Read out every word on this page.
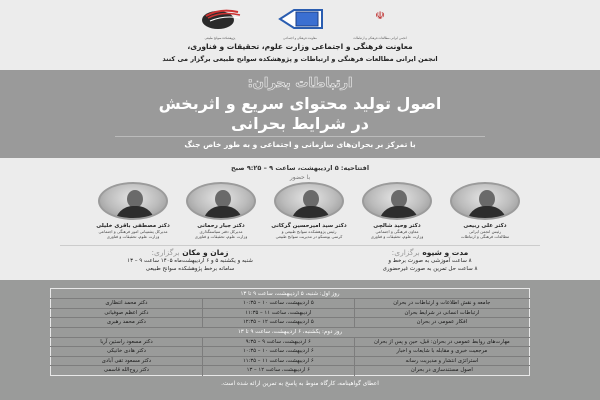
پژوهشکده سوانح طبیعی	معاونت فرهنگی و اجتماعی
☫
انجمن ایرانی مطالعات فرهنگی و ارتباطات
معاونت فرهنگی و اجتماعی وزارت علوم، تحقیقات و فناوری،
انجمن ایرانی مطالعات فرهنگی و ارتباطات و پژوهشکده سوانح طبیعی برگزار می کنند
ارتباطات بحران:
اصول تولید محتوای سریع و اثربخش
در شرایط بحرانی
با تمرکز بر بحران‌های سازمانی و اجتماعی و به طور خاص جنگ
افتتاحیه: ۵ اردیبهشت، ساعت ۹ – ۹:۲۵ صبح
با حضور
دکتر علی ربیعی
رئیس انجمن ایرانی
مطالعات فرهنگی و ارتباطات
دکتر وحید شالچی
معاون فرهنگی و اجتماعی
وزارت علوم، تحقیقات و فناوری
دکتر سید امیرحسین گرکانی
رئیس پژوهشکده سوانح طبیعی و
کرسی یونسکو در مدیریت سوانح طبیعی
دکتر جبار رحمانی
مدیرکل دفتر سیاستگذاری
وزارت علوم، تحقیقات و فناوری
دکتر مصطفی باقری خلیلی
مدیرکل پشتیبانی امور فرهنگی و اجتماعی
وزارت علوم، تحقیقات و فناوری
مدت و شیوه برگزاری:
۸ ساعت آموزشی به صورت برخط و
۸ ساعت حل تمرین به صورت غیرحضوری
زمان و مکان برگزاری:
شنبه و یکشنبه ۵ و ۶ اردیبهشت‌ماه ۱۴۰۵ ساعت ۹ – ۱۳
سامانه برخط پژوهشکده سوانح طبیعی
روز اول: شنبه، ۵ اردیبهشت، ساعت ۹ تا ۱۳		
جامعه و نقش اطلاعات و ارتباطات در بحران	۵ اردیبهشت، ساعت ۱۰ – ۱۰:۳۵	دکتر محمد انتظاری
ارتباطات انسانی در شرایط بحران	اردیبهشت، ساعت ۱۱ – ۱۱:۳۵	دکتر اعظم صوفیانی
افکار عمومی در بحران	۵ اردیبهشت، ساعت ۱۲ – ۱۲:۳۵	دکتر محمد رهبری
روز دوم: یکشنبه، ۶ اردیبهشت، ساعت ۹ تا ۱۳		
مهارت‌های روابط عمومی در بحران: قبل، حین و پس از بحران	۶ اردیبهشت، ساعت ۹ – ۹:۳۵	دکتر مسعود راستین آریا
مرجعیت خبری و مقابله با شایعات و اخبار	۶ اردیبهشت، ساعت ۱۰ – ۱۰:۳۵	دکتر هادی خانیکی
استراتژی انتشار و مدیریت رسانه	۶ اردیبهشت، ساعت ۱۱ – ۱۱:۳۵	دکتر مسعود تقی آبادی
اصول مستندسازی در بحران	۶ اردیبهشت، ساعت ۱۲ – ۱۳	دکتر روح‌الله قاسمی
اعطای گواهینامه، کارگاه منوط به پاسخ به تمرین ارائه شده است.
